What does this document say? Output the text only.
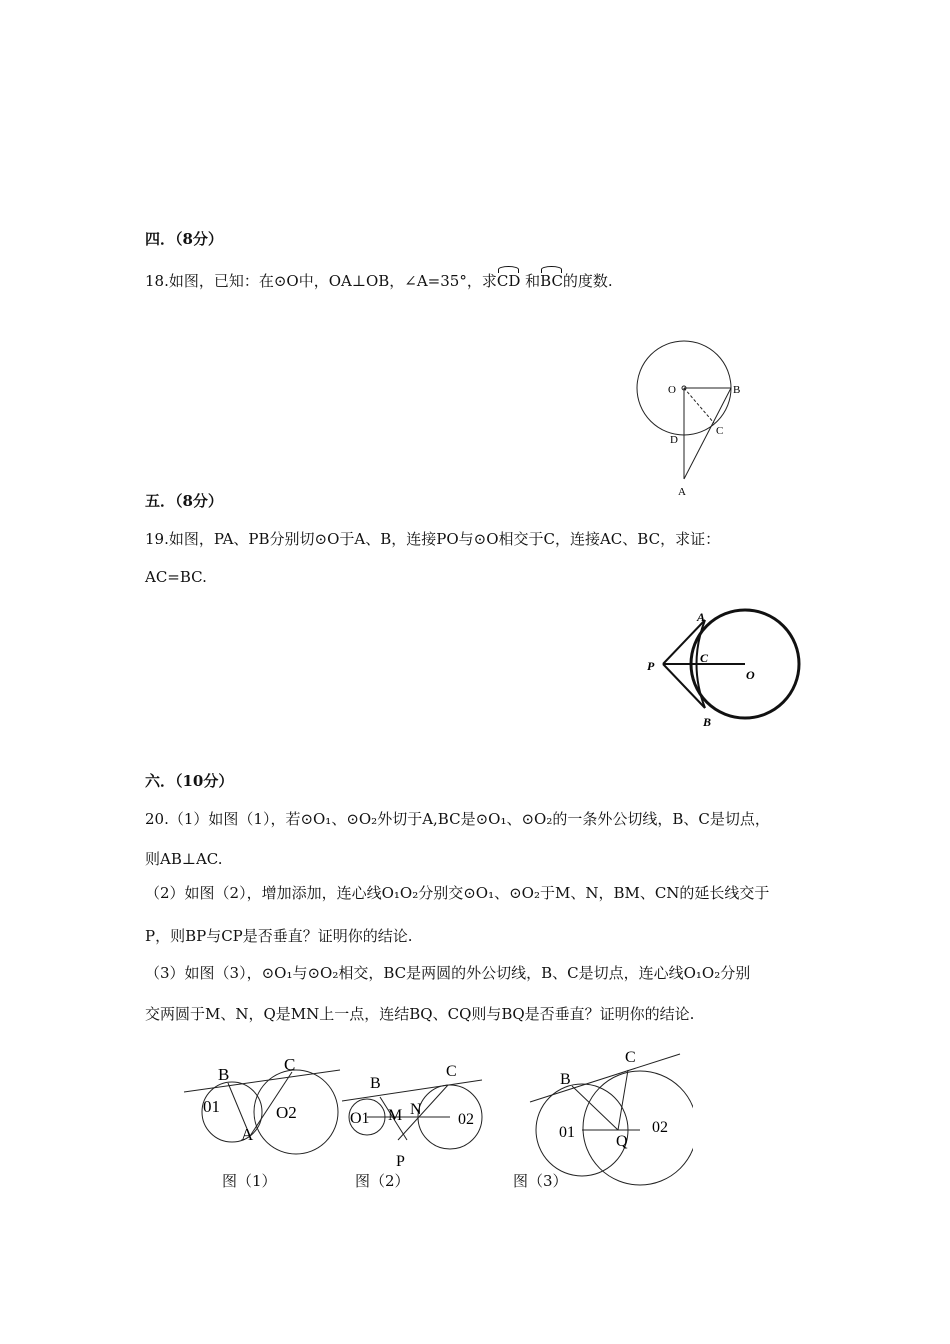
四．（8分）
18.如图，已知：在⊙O中，OA⊥OB，∠A=35°，求CD 和BC的度数.
O	B
C
D
A
五．（8分）
19.如图，PA、PB分别切⊙O于A、B，连接PO与⊙O相交于C，连接AC、BC，求证：
AC=BC.
A
P
C
O
B
六．（10分）
20.（1）如图（1），若⊙O₁、⊙O₂外切于A,BC是⊙O₁、⊙O₂的一条外公切线，B、C是切点，
则AB⊥AC.
（2）如图（2），增加添加，连心线O₁O₂分别交⊙O₁、⊙O₂于M、N，BM、CN的延长线交于
P，则BP与CP是否垂直？证明你的结论.
（3）如图（3），⊙O₁与⊙O₂相交，BC是两圆的外公切线，B、C是切点，连心线O₁O₂分别
交两圆于M、N，Q是MN上一点，连结BQ、CQ则与BQ是否垂直？证明你的结论.
B
C
01	O2
A
图（1）
B
C
O1 M N
02
P
图（2）
B
C
01
Q
02
图（3）
